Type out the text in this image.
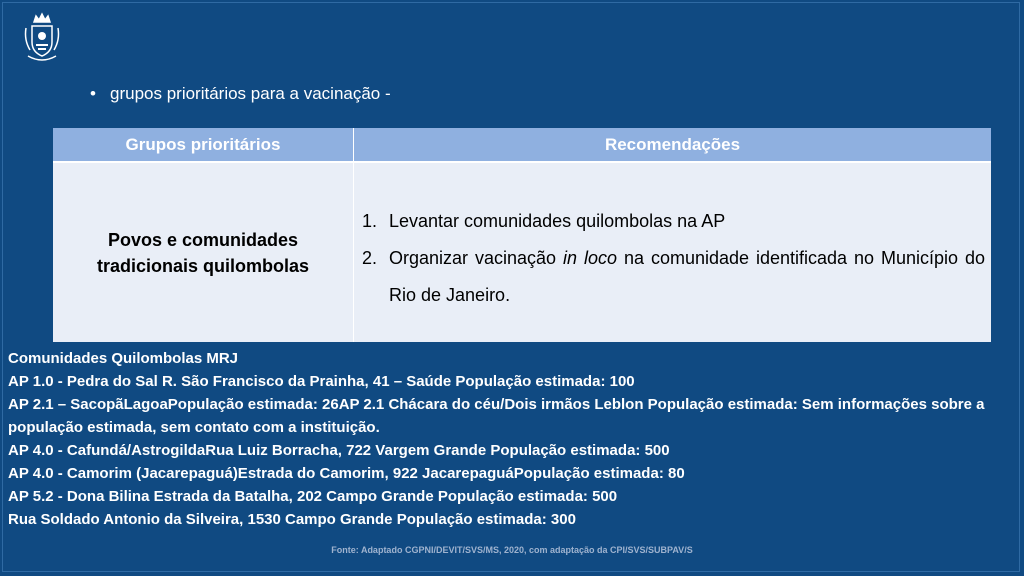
• grupos prioritários para a vacinação -
Grupos prioritários	Recomendações
Povos e comunidades
tradicionais quilombolas
1. Levantar comunidades quilombolas na AP
2. Organizar vacinação in loco na comunidade identificada no Município do Rio de Janeiro.
Comunidades Quilombolas MRJ
AP 1.0 - Pedra do Sal R. São Francisco da Prainha, 41 – Saúde População estimada: 100
AP 2.1 – SacopãLagoaPopulação estimada: 26AP 2.1 Chácara do céu/Dois irmãos Leblon População estimada: Sem informações sobre a população estimada, sem contato com a instituição.
AP 4.0 - Cafundá/AstrogildaRua Luiz Borracha, 722 Vargem Grande População estimada: 500
AP 4.0 - Camorim (Jacarepaguá)Estrada do Camorim, 922 JacarepaguáPopulação estimada: 80
AP 5.2 - Dona Bilina Estrada da Batalha, 202 Campo Grande População estimada: 500
Rua Soldado Antonio da Silveira, 1530 Campo Grande População estimada: 300
Fonte: Adaptado CGPNI/DEVIT/SVS/MS, 2020, com adaptação da CPI/SVS/SUBPAV/S
